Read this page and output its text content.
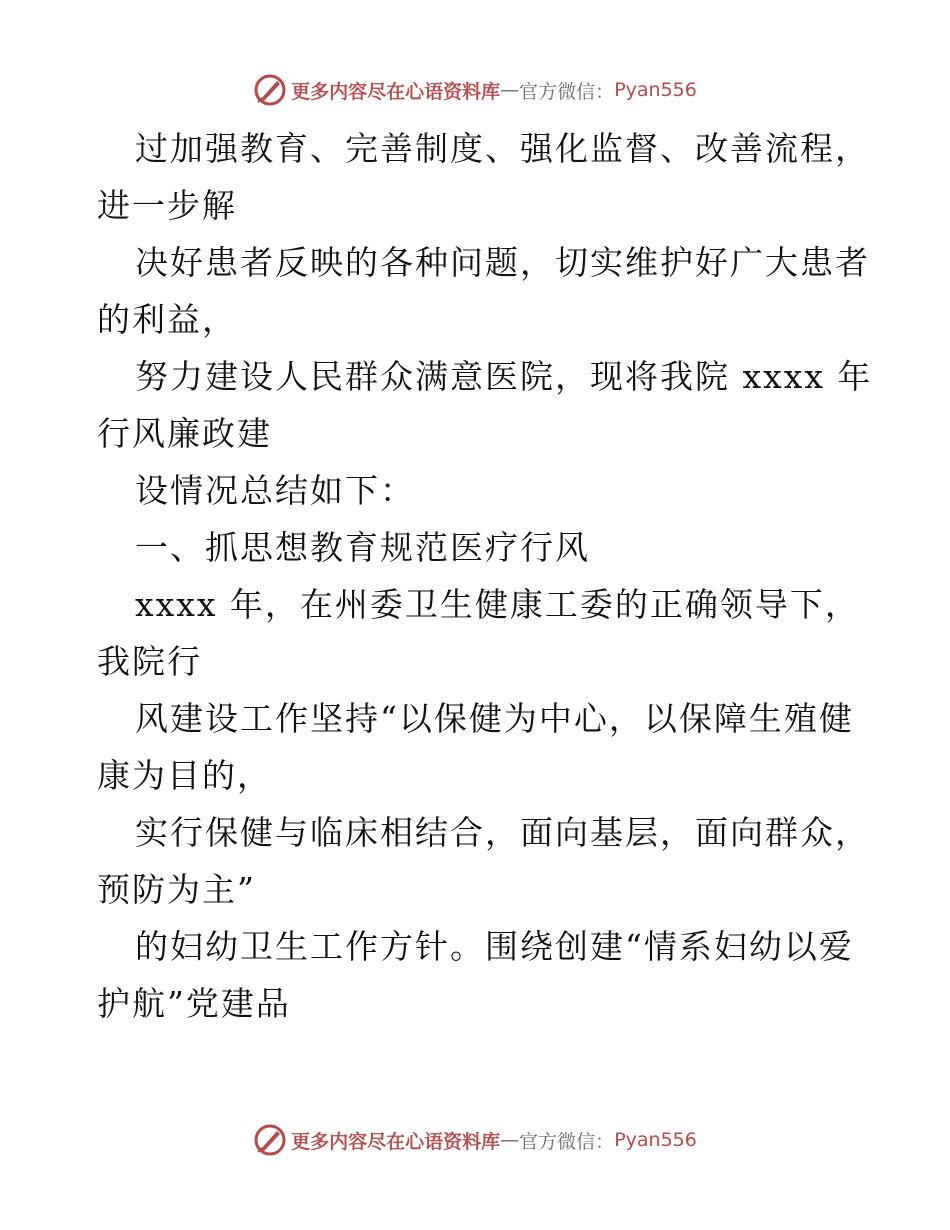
更多内容尽在心语资料库 — 官方微信： Pyan556
过加强教育、完善制度、强化监督、改善流程，
进一步解
决好患者反映的各种问题，切实维护好广大患者
的利益，
努力建设人民群众满意医院，现将我院 xxxx 年
行风廉政建
设情况总结如下：
一、抓思想教育规范医疗行风
xxxx 年，在州委卫生健康工委的正确领导下，
我院行
风建设工作坚持“以保健为中心，以保障生殖健
康为目的，
实行保健与临床相结合，面向基层，面向群众，
预防为主”
的妇幼卫生工作方针。围绕创建“情系妇幼以爱
护航”党建品
更多内容尽在心语资料库 — 官方微信： Pyan556
